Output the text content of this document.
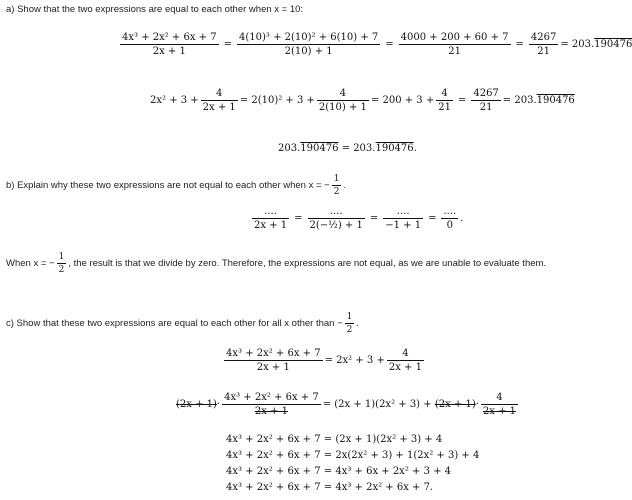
a) Show that the two expressions are equal to each other when x = 10:
$\frac{\text{4x³ + 2x² + 6x + 7}}{2x + 1} = \frac{\text{4(10)³ + 2(10)² + 6(10) + 7}}{2(10) + 1} = \frac{4000 + 200 + 60 + 7}{21} = \frac{4267}{21} = 203.190476$
$2x^2 + 3 + \frac{4}{2x + 1} = 2(10)^2 + 3 + \frac{4}{2(10) + 1} = 200 + 3 + \frac{4}{21} = \frac{4267}{21} = 203.190476$
203.190476 = 203.190476.
b) Explain why these two expressions are not equal to each other when x = − $\frac{1}{2}$ .
$\frac{....}{2x + 1} = \frac{....}{\text{2(−½) + 1}} = \frac{....}{-1 + 1} = \frac{....}{0}$ .
When x = − $\frac{1}{2}$ , the result is that we divide by zero. Therefore, the expressions are not equal, as we are unable to evaluate them.
c) Show that these two expressions are equal to each other for all x other than − $\frac{1}{2}$ .
$\frac{\text{4x³ + 2x² + 6x + 7}}{2x + 1} = 2x^2 + 3 + \frac{4}{2x + 1}$
$(2x + 1)\cdot \frac{\text{4x³ + 2x² + 6x + 7}}{2x + 1} = (2x + 1)(2x^2 + 3) + (2x + 1)\cdot \frac{4}{2x + 1}$
4x³ + 2x² + 6x + 7 = (2x + 1)(2x² + 3) + 4
4x³ + 2x² + 6x + 7 = 2x(2x² + 3) + 1(2x² + 3) + 4
4x³ + 2x² + 6x + 7 = 4x³ + 6x + 2x² + 3 + 4
4x³ + 2x² + 6x + 7 = 4x³ + 2x² + 6x + 7.
